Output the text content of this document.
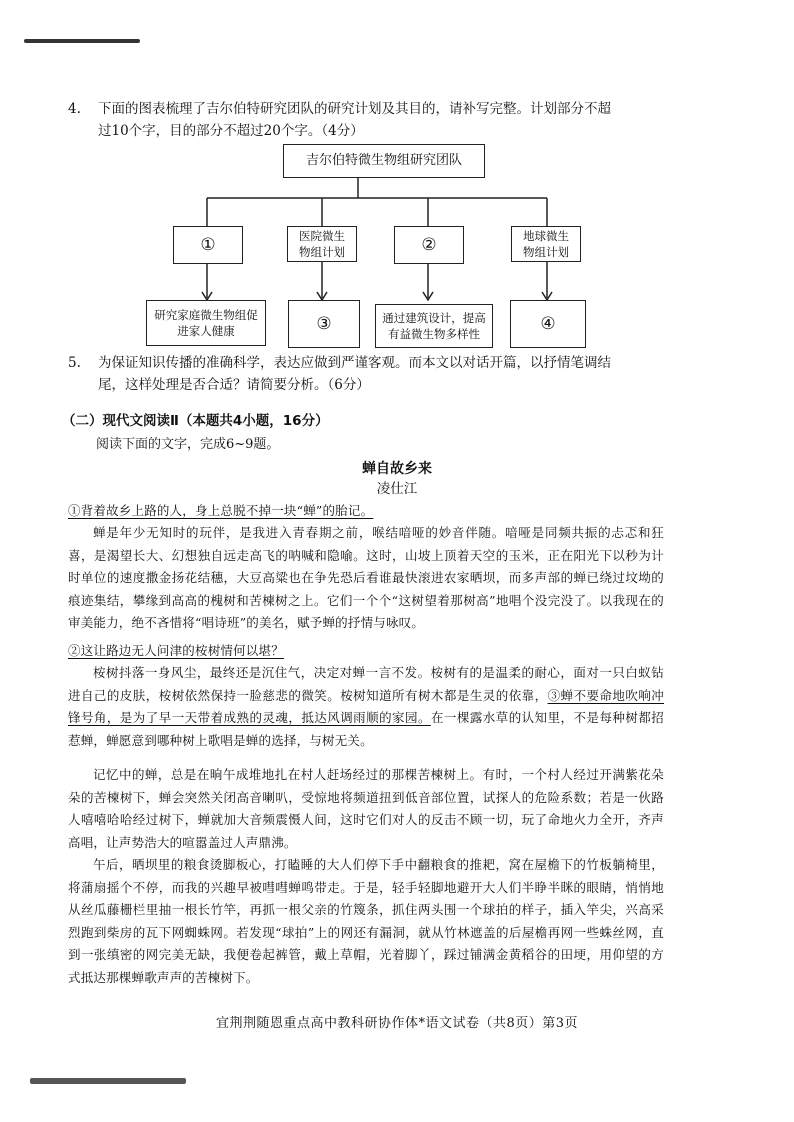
4. 下面的图表梳理了吉尔伯特研究团队的研究计划及其目的，请补写完整。计划部分不超
过10个字，目的部分不超过20个字。（4分）
吉尔伯特微生物组研究团队
①	医院微生物组计划	②	地球微生物组计划
研究家庭微生物组促进家人健康	③	通过建筑设计，提高有益微生物多样性	④
5. 为保证知识传播的准确科学，表达应做到严谨客观。而本文以对话开篇，以抒情笔调结
尾，这样处理是否合适？请简要分析。（6分）
（二）现代文阅读Ⅱ（本题共4小题，16分）
阅读下面的文字，完成6~9题。
蝉自故乡来
凌仕江
①背着故乡上路的人，身上总脱不掉一块“蝉”的胎记。
蝉是年少无知时的玩伴，是我进入青春期之前，喉结喑哑的妙音伴随。喑哑是同频共振的忐忑和狂喜，是渴望长大、幻想独自远走高飞的呐喊和隐喻。这时，山坡上顶着天空的玉米，正在阳光下以秒为计时单位的速度撒金扬花结穗，大豆高粱也在争先恐后看谁最快滚进农家晒坝，而多声部的蝉已绕过坟坳的痕迹集结，攀缘到高高的槐树和苦楝树之上。它们一个个“这树望着那树高”地唱个没完没了。以我现在的审美能力，绝不吝惜将“唱诗班”的美名，赋予蝉的抒情与咏叹。
②这让路边无人问津的桉树情何以堪？
桉树抖落一身风尘，最终还是沉住气，决定对蝉一言不发。桉树有的是温柔的耐心，面对一只白蚁钻进自己的皮肤，桉树依然保持一脸慈悲的微笑。桉树知道所有树木都是生灵的依靠，③蝉不要命地吹响冲锋号角，是为了早一天带着成熟的灵魂，抵达风调雨顺的家园。在一棵露水草的认知里，不是每种树都招惹蝉，蝉愿意到哪种树上歌唱是蝉的选择，与树无关。
记忆中的蝉，总是在晌午成堆地扎在村人赶场经过的那棵苦楝树上。有时，一个村人经过开满紫花朵朵的苦楝树下，蝉会突然关闭高音喇叭，受惊地将频道扭到低音部位置，试探人的危险系数；若是一伙路人嘻嘻哈哈经过树下，蝉就加大音频震慑人间，这时它们对人的反击不顾一切，玩了命地火力全开，齐声高唱，让声势浩大的喧嚣盖过人声鼎沸。
午后，晒坝里的粮食烫脚板心，打瞌睡的大人们停下手中翻粮食的推耙，窝在屋檐下的竹板躺椅里，将蒲扇摇个不停，而我的兴趣早被嘒嘒蝉鸣带走。于是，轻手轻脚地避开大人们半睁半眯的眼睛，悄悄地从丝瓜藤栅栏里抽一根长竹竿，再抓一根父亲的竹篾条，抓住两头围一个球拍的样子，插入竿尖，兴高采烈跑到柴房的瓦下网蜘蛛网。若发现“球拍”上的网还有漏洞，就从竹林遮盖的后屋檐再网一些蛛丝网，直到一张缜密的网完美无缺，我便卷起裤管，戴上草帽，光着脚丫，踩过铺满金黄稻谷的田埂，用仰望的方式抵达那棵蝉歌声声的苦楝树下。
宜荆荆随恩重点高中教科研协作体*语文试卷（共8页）第3页
